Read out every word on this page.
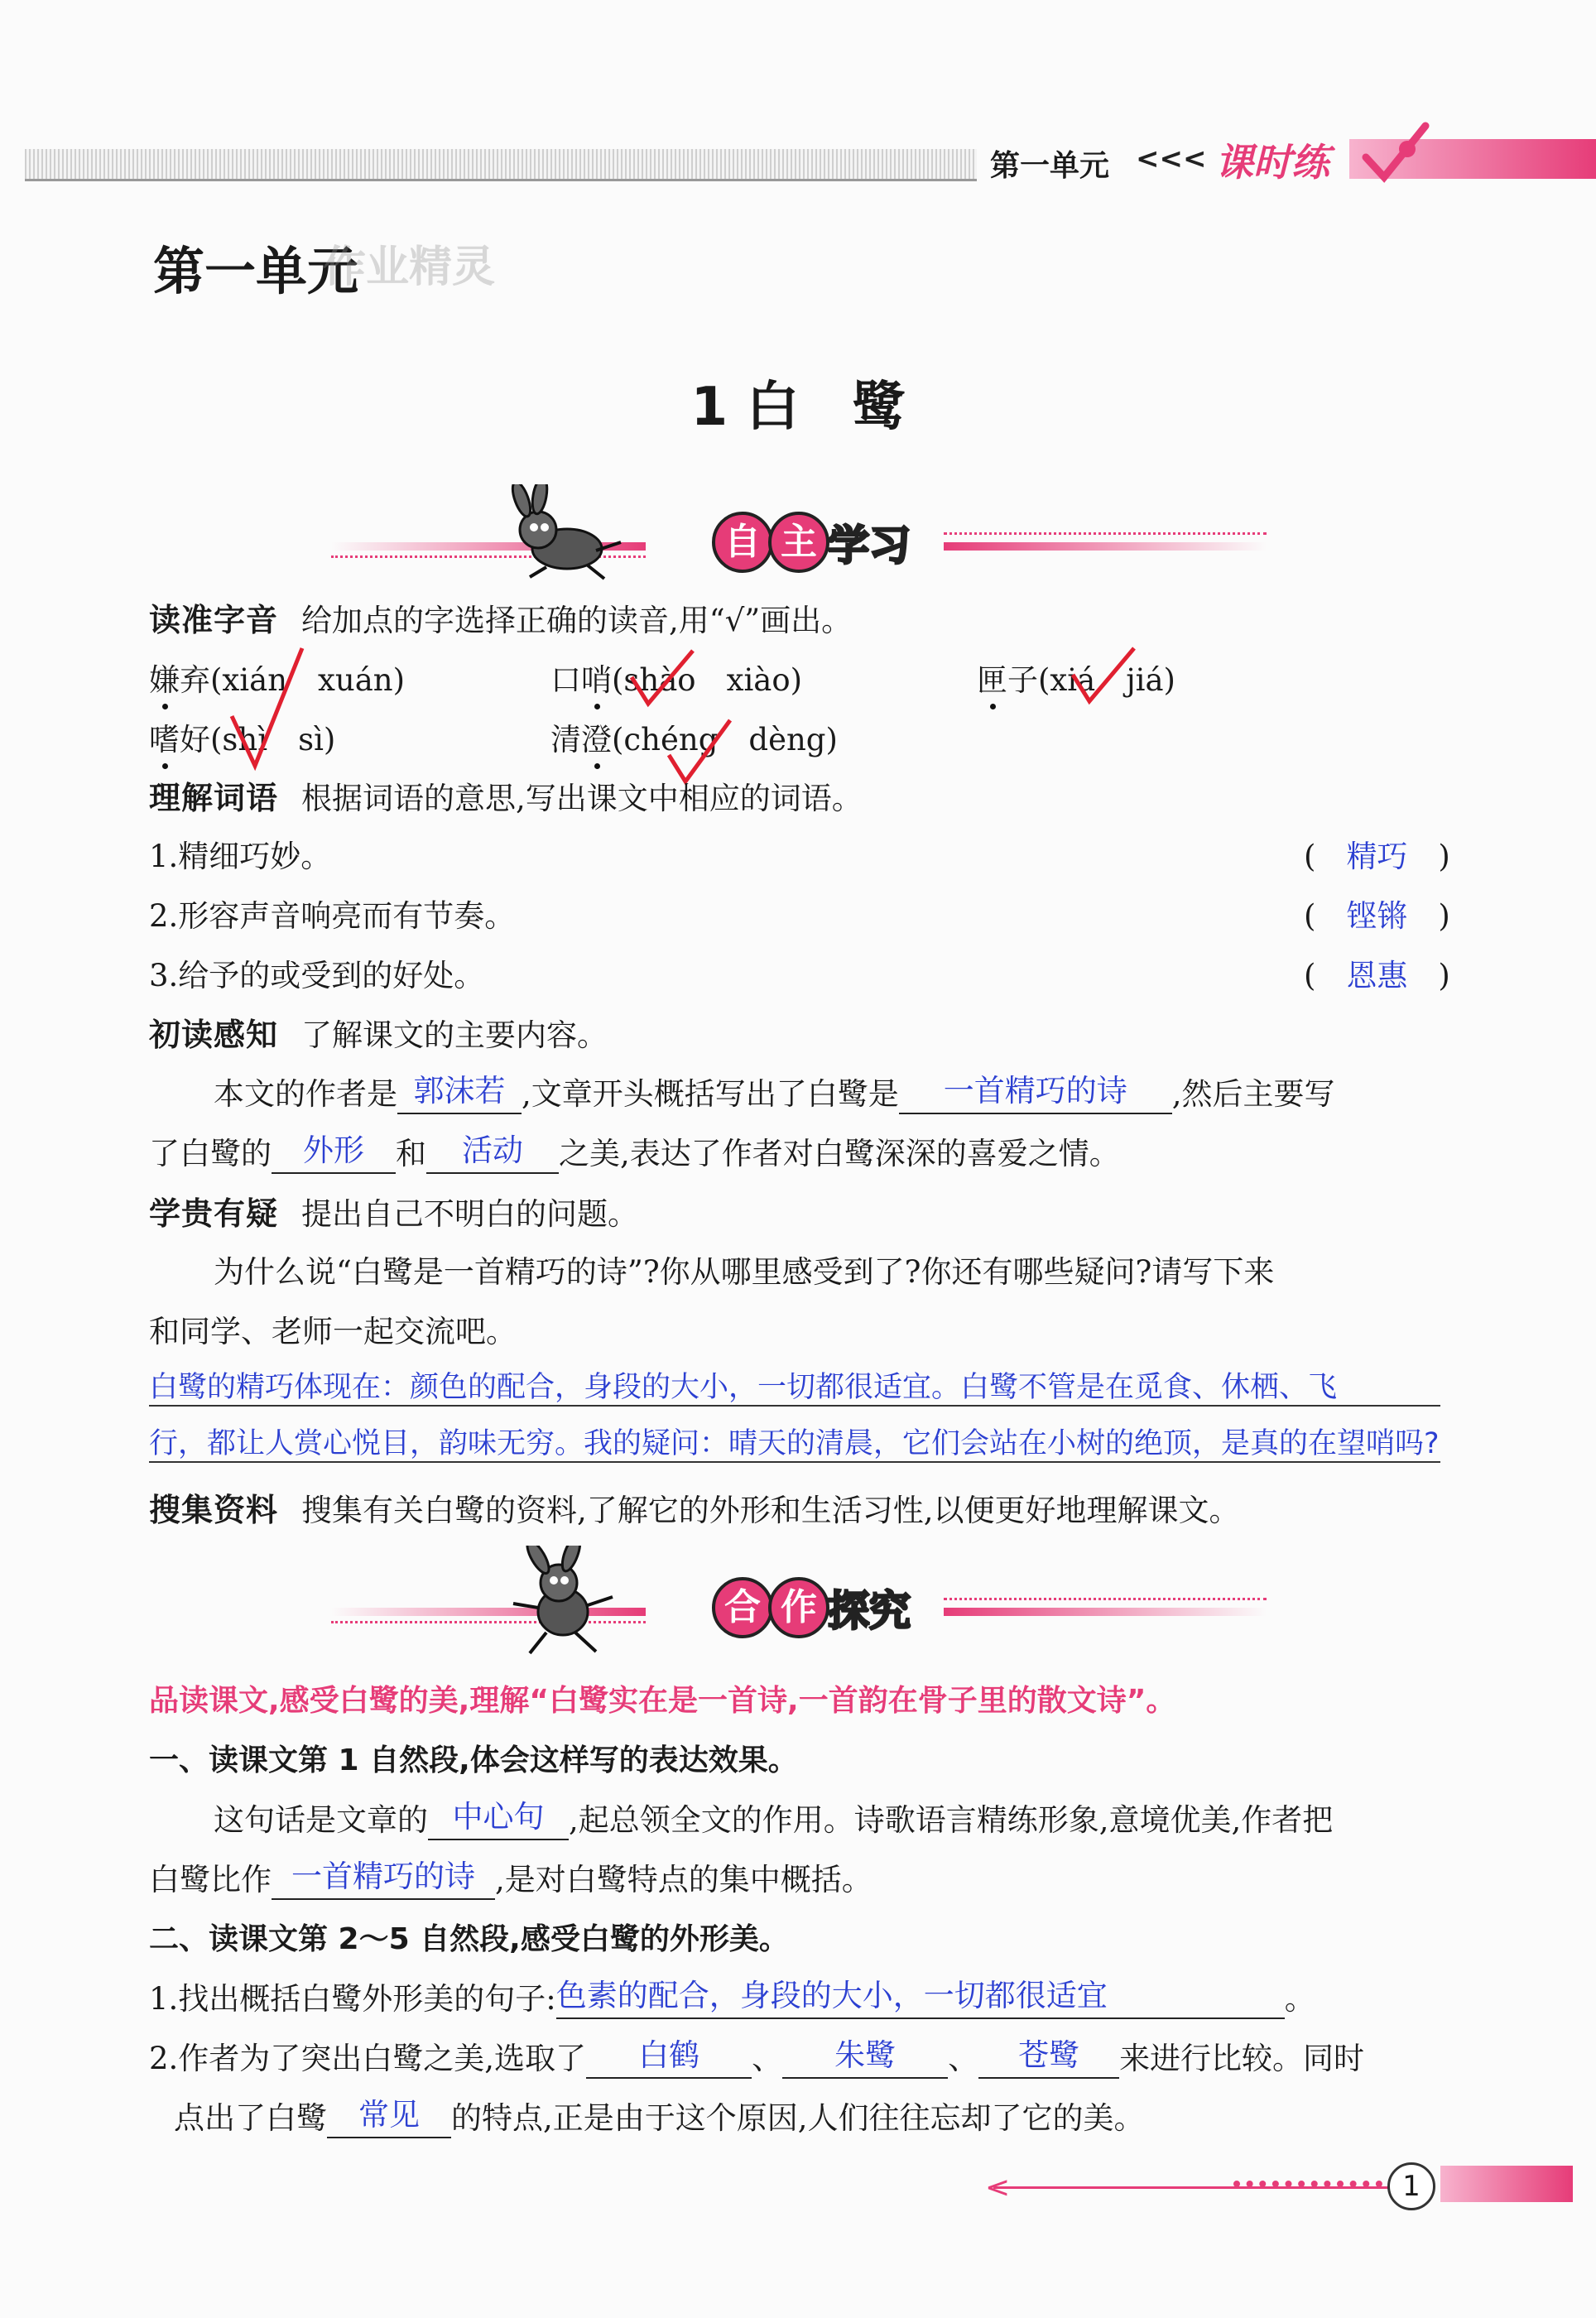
第一单元 <<< 课时练
第一单元
作业精灵
1 白　鹭
自 主 学习
读准字音 给加点的字选择正确的读音,用“√”画出。
嫌弃(xián　xuán)	口哨(shào　xiào)	匣子(xiá　jiá)
嗜好(shì　sì)	清澄(chéng　dèng)
理解词语 根据词语的意思,写出课文中相应的词语。
1.精细巧妙。	(　精巧　)
2.形容声音响亮而有节奏。	(　铿锵　)
3.给予的或受到的好处。	(　恩惠　)
初读感知 了解课文的主要内容。
本文的作者是 郭沫若 ,文章开头概括写出了白鹭是 一首精巧的诗 ,然后主要写
了白鹭的 外形 和 活动 之美,表达了作者对白鹭深深的喜爱之情。
学贵有疑 提出自己不明白的问题。
为什么说“白鹭是一首精巧的诗”?你从哪里感受到了?你还有哪些疑问?请写下来
和同学、老师一起交流吧。
白鹭的精巧体现在：颜色的配合，身段的大小，一切都很适宜。白鹭不管是在觅食、休栖、飞
行，都让人赏心悦目，韵味无穷。我的疑问：晴天的清晨，它们会站在小树的绝顶，是真的在望哨吗?
搜集资料 搜集有关白鹭的资料,了解它的外形和生活习性,以便更好地理解课文。
合 作 探究
品读课文,感受白鹭的美,理解“白鹭实在是一首诗,一首韵在骨子里的散文诗”。
一、读课文第 1 自然段,体会这样写的表达效果。
这句话是文章的 中心句 ,起总领全文的作用。诗歌语言精练形象,意境优美,作者把
白鹭比作 一首精巧的诗 ,是对白鹭特点的集中概括。
二、读课文第 2～5 自然段,感受白鹭的外形美。
1.找出概括白鹭外形美的句子:色素的配合，身段的大小，一切都很适宜	。
2.作者为了突出白鹭之美,选取了 白鹤 、 朱鹭 、 苍鹭 来进行比较。同时
点出了白鹭 常见 的特点,正是由于这个原因,人们往往忘却了它的美。
<	1
